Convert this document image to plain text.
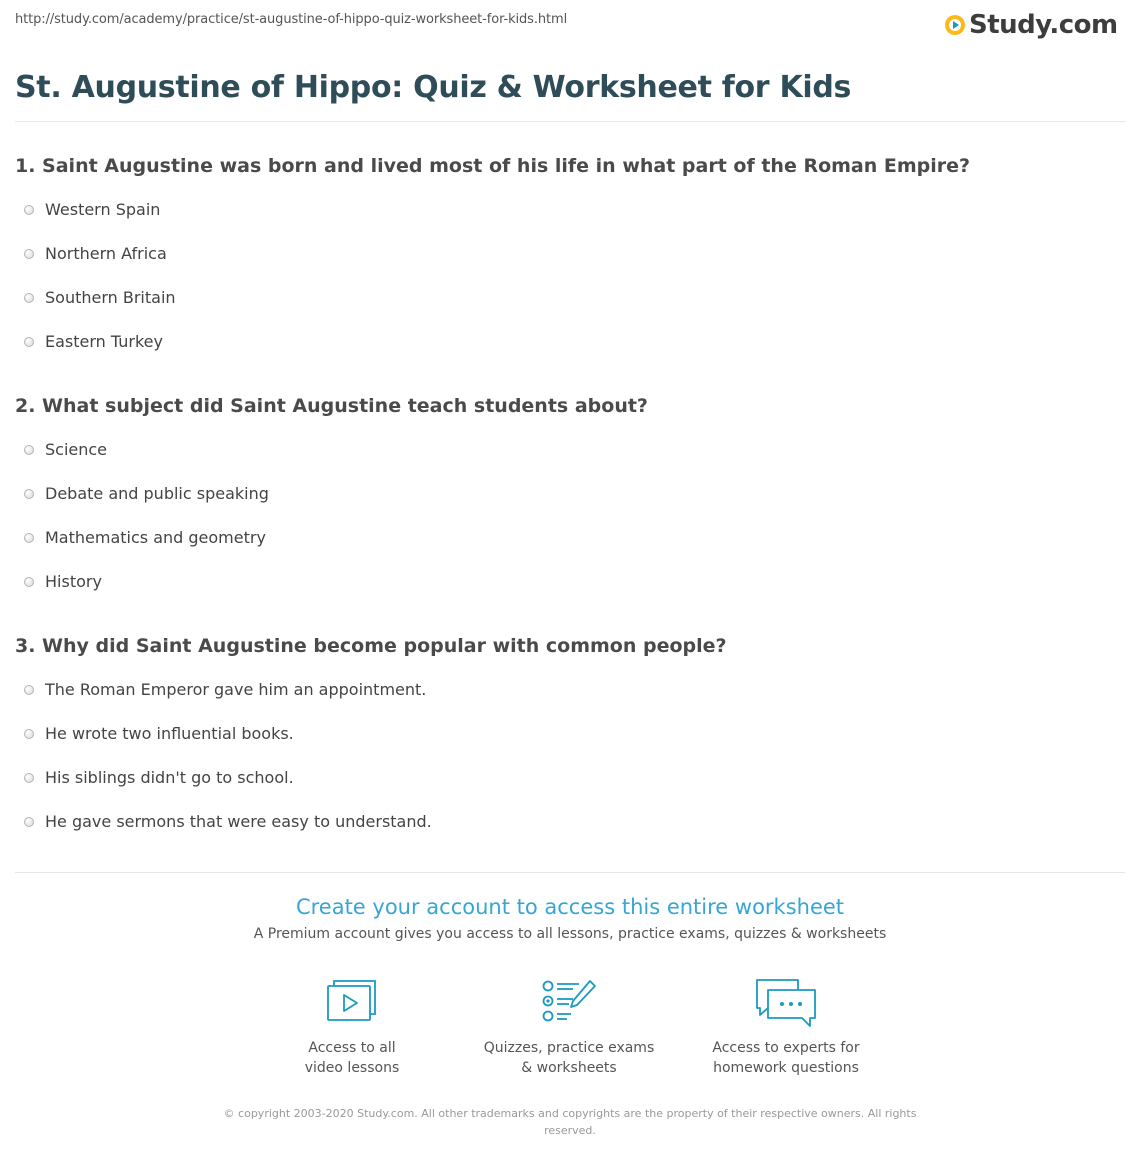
http://study.com/academy/practice/st-augustine-of-hippo-quiz-worksheet-for-kids.html	Study.com
St. Augustine of Hippo: Quiz & Worksheet for Kids
1. Saint Augustine was born and lived most of his life in what part of the Roman Empire?
Western Spain
Northern Africa
Southern Britain
Eastern Turkey
2. What subject did Saint Augustine teach students about?
Science
Debate and public speaking
Mathematics and geometry
History
3. Why did Saint Augustine become popular with common people?
The Roman Emperor gave him an appointment.
He wrote two influential books.
His siblings didn't go to school.
He gave sermons that were easy to understand.
Create your account to access this entire worksheet

A Premium account gives you access to all lessons, practice exams, quizzes & worksheets

Access to all
video lessons
Quizzes, practice exams
& worksheets
Access to experts for
homework questions
© copyright 2003-2020 Study.com. All other trademarks and copyrights are the property of their respective owners. All rights
reserved.
